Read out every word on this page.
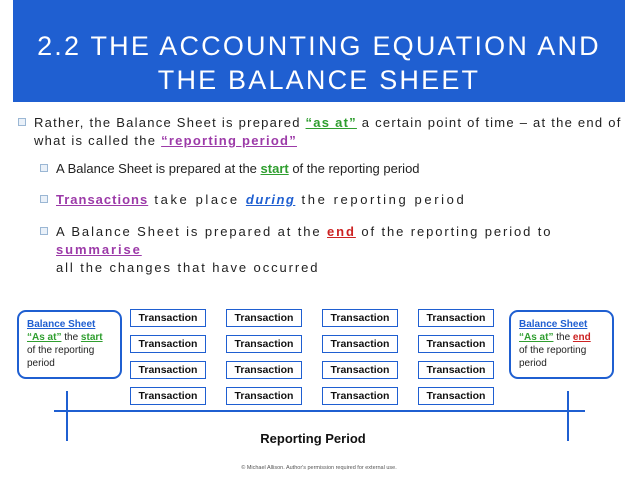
2.2 THE ACCOUNTING EQUATION AND
THE BALANCE SHEET
Rather, the Balance Sheet is prepared “as at” a certain point of time – at the end of
what is called the “reporting period”
A Balance Sheet is prepared at the start of the reporting period
Transactions take place during the reporting period
A Balance Sheet is prepared at the end of the reporting period to summarise
all the changes that have occurred
Balance Sheet
“As at” the start
of the reporting
period
Balance Sheet
“As at” the end
of the reporting
period
Transaction	Transaction	Transaction	Transaction
Transaction	Transaction	Transaction	Transaction
Transaction	Transaction	Transaction	Transaction
Transaction	Transaction	Transaction	Transaction
Reporting Period
© Michael Allison. Author's permission required for external use.
